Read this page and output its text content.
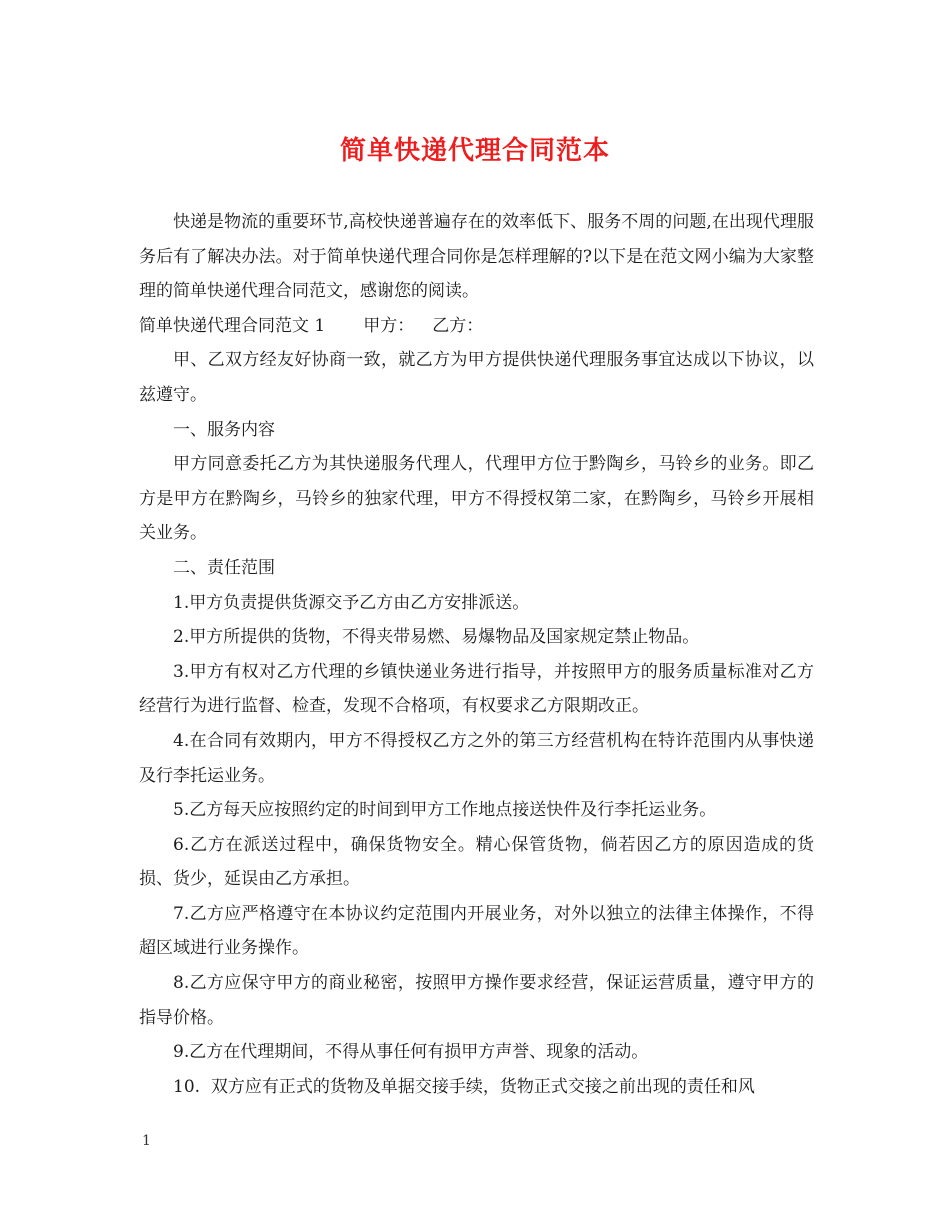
简单快递代理合同范本

快递是物流的重要环节,高校快递普遍存在的效率低下、服务不周的问题,在出现代理服务后有了解决办法。对于简单快递代理合同你是怎样理解的?以下是在范文网小编为大家整理的简单快递代理合同范文，感谢您的阅读。

简单快递代理合同范文 1 甲方： 乙方：

甲、乙双方经友好协商一致，就乙方为甲方提供快递代理服务事宜达成以下协议，以兹遵守。

一、服务内容

甲方同意委托乙方为其快递服务代理人，代理甲方位于黔陶乡，马铃乡的业务。即乙方是甲方在黔陶乡，马铃乡的独家代理，甲方不得授权第二家，在黔陶乡，马铃乡开展相关业务。

二、责任范围

1.甲方负责提供货源交予乙方由乙方安排派送。

2.甲方所提供的货物，不得夹带易燃、易爆物品及国家规定禁止物品。

3.甲方有权对乙方代理的乡镇快递业务进行指导，并按照甲方的服务质量标准对乙方  经营行为进行监督、检查，发现不合格项，有权要求乙方限期改正。

4.在合同有效期内，甲方不得授权乙方之外的第三方经营机构在特许范围内从事快递及行李托运业务。

5.乙方每天应按照约定的时间到甲方工作地点接送快件及行李托运业务。

6.乙方在派送过程中，确保货物安全。精心保管货物，倘若因乙方的原因造成的货损、货少，延误由乙方承担。

7.乙方应严格遵守在本协议约定范围内开展业务，对外以独立的法律主体操作，不得超区域进行业务操作。

8.乙方应保守甲方的商业秘密，按照甲方操作要求经营，保证运营质量，遵守甲方的指导价格。

9.乙方在代理期间，不得从事任何有损甲方声誉、现象的活动。

10.  双方应有正式的货物及单据交接手续，货物正式交接之前出现的责任和风

1
